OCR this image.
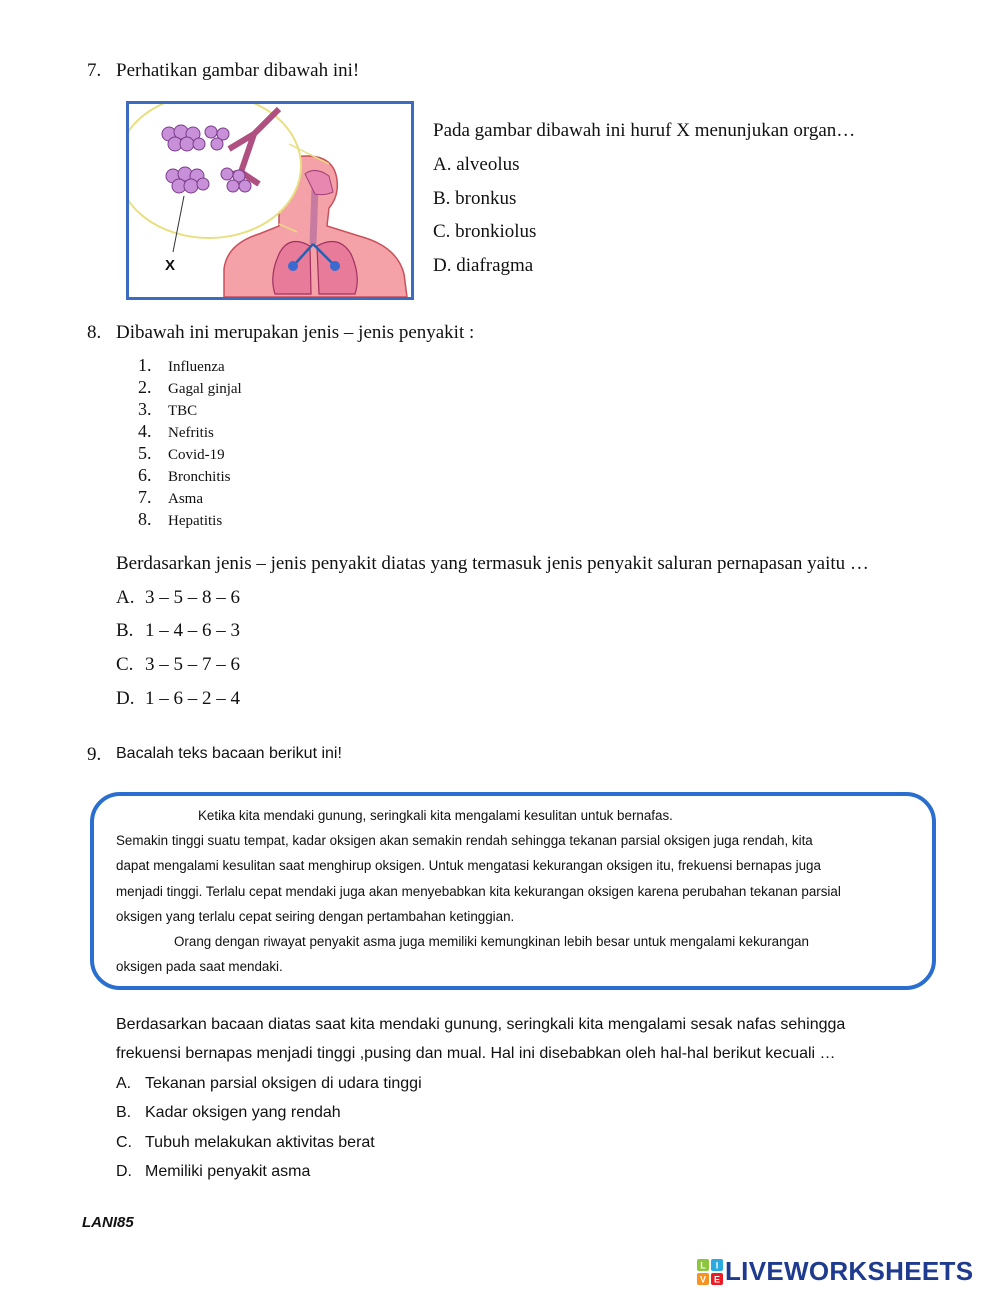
7. Perhatikan gambar dibawah ini!
X
Pada gambar dibawah ini huruf X menunjukan organ…
A. alveolus
B. bronkus
C. bronkiolus
D. diafragma
8. Dibawah ini merupakan jenis – jenis penyakit :
1. Influenza
2. Gagal ginjal
3. TBC
4. Nefritis
5. Covid-19
6. Bronchitis
7. Asma
8. Hepatitis
Berdasarkan jenis – jenis penyakit diatas yang termasuk jenis penyakit saluran pernapasan yaitu …
A. 3 – 5 – 8 – 6
B. 1 – 4 – 6 – 3
C. 3 – 5 – 7 – 6
D. 1 – 6 – 2 – 4
9. Bacalah teks bacaan berikut ini!
Ketika kita mendaki gunung, seringkali kita mengalami kesulitan untuk bernafas.
Semakin tinggi suatu tempat, kadar oksigen akan semakin rendah sehingga tekanan parsial oksigen juga rendah, kita
dapat mengalami kesulitan saat menghirup oksigen. Untuk mengatasi kekurangan oksigen itu, frekuensi bernapas juga
menjadi tinggi. Terlalu cepat mendaki juga akan menyebabkan kita kekurangan oksigen karena perubahan tekanan parsial
oksigen yang terlalu cepat seiring dengan pertambahan ketinggian.
Orang dengan riwayat penyakit asma juga memiliki kemungkinan lebih besar untuk mengalami kekurangan
oksigen pada saat mendaki.
Berdasarkan bacaan diatas saat kita mendaki gunung, seringkali kita mengalami sesak nafas sehingga
frekuensi bernapas menjadi tinggi ,pusing dan mual. Hal ini disebabkan oleh hal-hal berikut kecuali …
A. Tekanan parsial oksigen di udara tinggi
B. Kadar oksigen yang rendah
C. Tubuh melakukan aktivitas berat
D. Memiliki penyakit asma
LANI85
L I
V E LIVEWORKSHEETS
